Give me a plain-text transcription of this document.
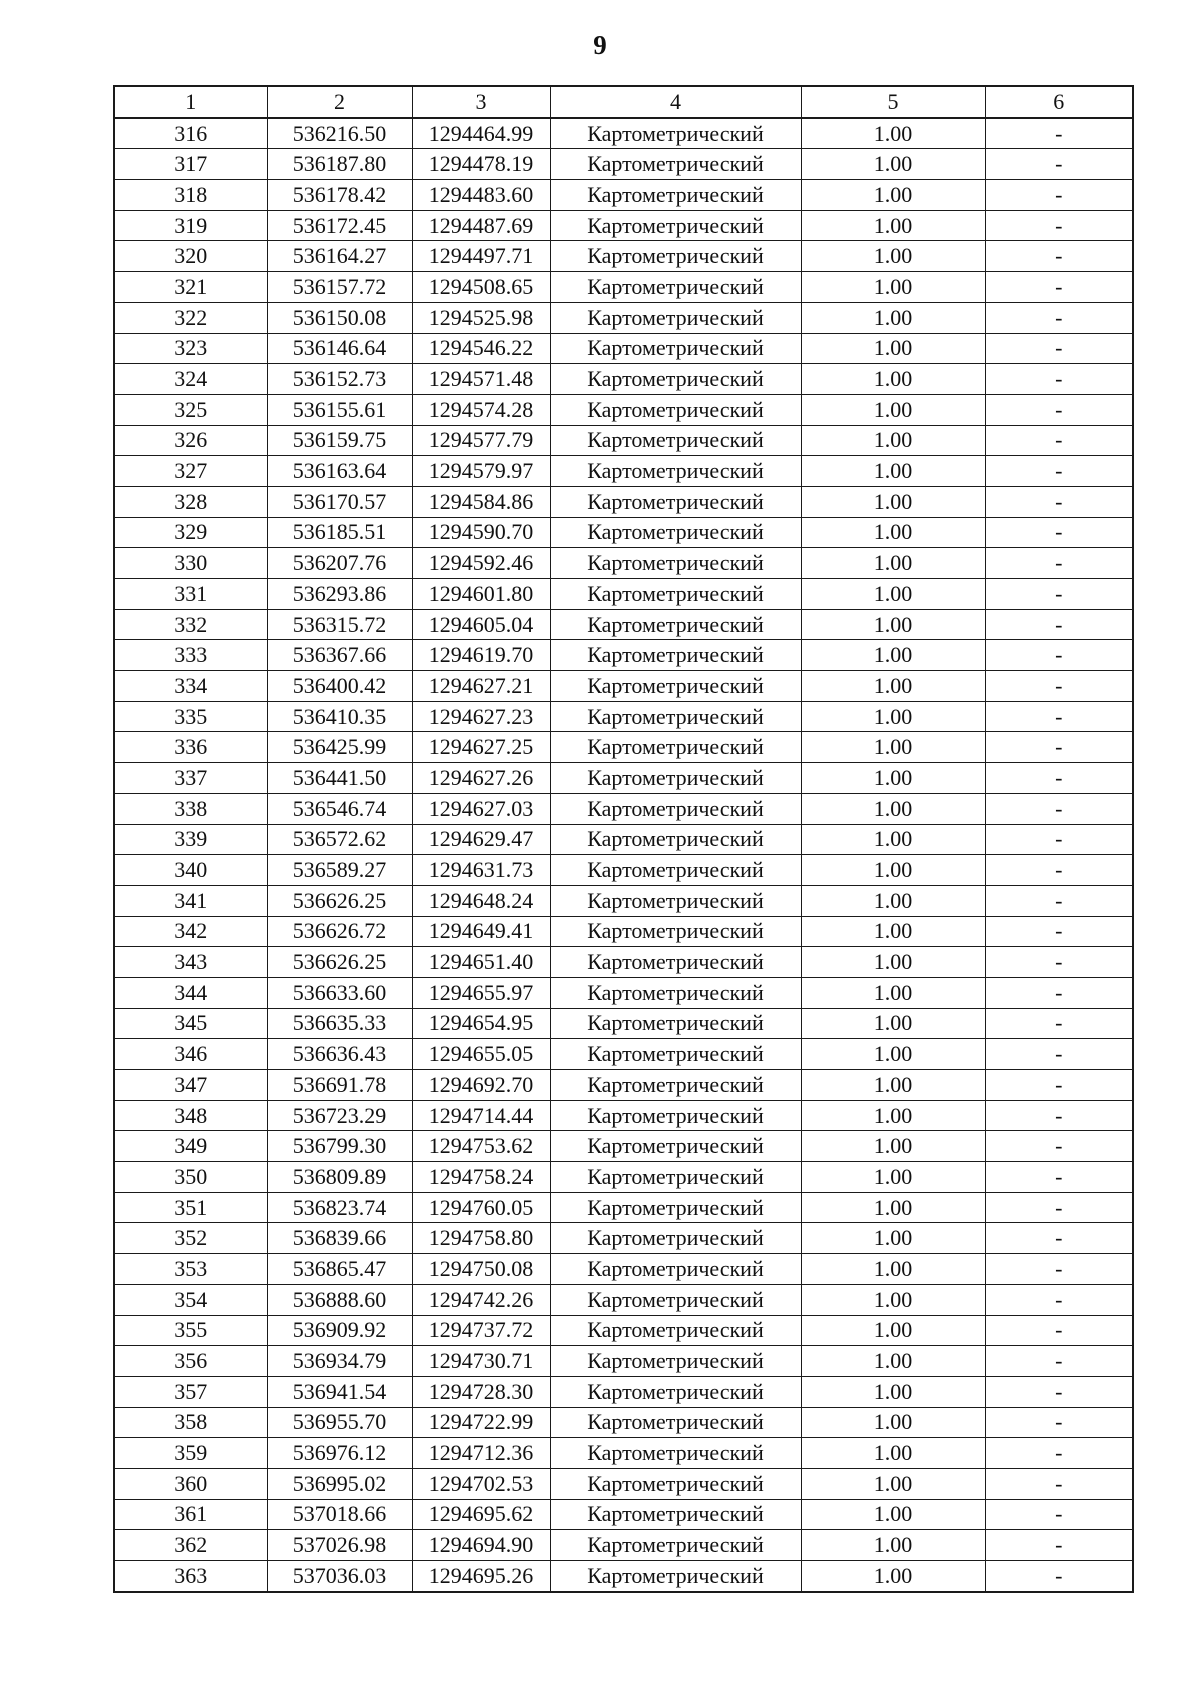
9
1	2	3	4	5	6
316	536216.50	1294464.99	Картометрический	1.00	-
317	536187.80	1294478.19	Картометрический	1.00	-
318	536178.42	1294483.60	Картометрический	1.00	-
319	536172.45	1294487.69	Картометрический	1.00	-
320	536164.27	1294497.71	Картометрический	1.00	-
321	536157.72	1294508.65	Картометрический	1.00	-
322	536150.08	1294525.98	Картометрический	1.00	-
323	536146.64	1294546.22	Картометрический	1.00	-
324	536152.73	1294571.48	Картометрический	1.00	-
325	536155.61	1294574.28	Картометрический	1.00	-
326	536159.75	1294577.79	Картометрический	1.00	-
327	536163.64	1294579.97	Картометрический	1.00	-
328	536170.57	1294584.86	Картометрический	1.00	-
329	536185.51	1294590.70	Картометрический	1.00	-
330	536207.76	1294592.46	Картометрический	1.00	-
331	536293.86	1294601.80	Картометрический	1.00	-
332	536315.72	1294605.04	Картометрический	1.00	-
333	536367.66	1294619.70	Картометрический	1.00	-
334	536400.42	1294627.21	Картометрический	1.00	-
335	536410.35	1294627.23	Картометрический	1.00	-
336	536425.99	1294627.25	Картометрический	1.00	-
337	536441.50	1294627.26	Картометрический	1.00	-
338	536546.74	1294627.03	Картометрический	1.00	-
339	536572.62	1294629.47	Картометрический	1.00	-
340	536589.27	1294631.73	Картометрический	1.00	-
341	536626.25	1294648.24	Картометрический	1.00	-
342	536626.72	1294649.41	Картометрический	1.00	-
343	536626.25	1294651.40	Картометрический	1.00	-
344	536633.60	1294655.97	Картометрический	1.00	-
345	536635.33	1294654.95	Картометрический	1.00	-
346	536636.43	1294655.05	Картометрический	1.00	-
347	536691.78	1294692.70	Картометрический	1.00	-
348	536723.29	1294714.44	Картометрический	1.00	-
349	536799.30	1294753.62	Картометрический	1.00	-
350	536809.89	1294758.24	Картометрический	1.00	-
351	536823.74	1294760.05	Картометрический	1.00	-
352	536839.66	1294758.80	Картометрический	1.00	-
353	536865.47	1294750.08	Картометрический	1.00	-
354	536888.60	1294742.26	Картометрический	1.00	-
355	536909.92	1294737.72	Картометрический	1.00	-
356	536934.79	1294730.71	Картометрический	1.00	-
357	536941.54	1294728.30	Картометрический	1.00	-
358	536955.70	1294722.99	Картометрический	1.00	-
359	536976.12	1294712.36	Картометрический	1.00	-
360	536995.02	1294702.53	Картометрический	1.00	-
361	537018.66	1294695.62	Картометрический	1.00	-
362	537026.98	1294694.90	Картометрический	1.00	-
363	537036.03	1294695.26	Картометрический	1.00	-
